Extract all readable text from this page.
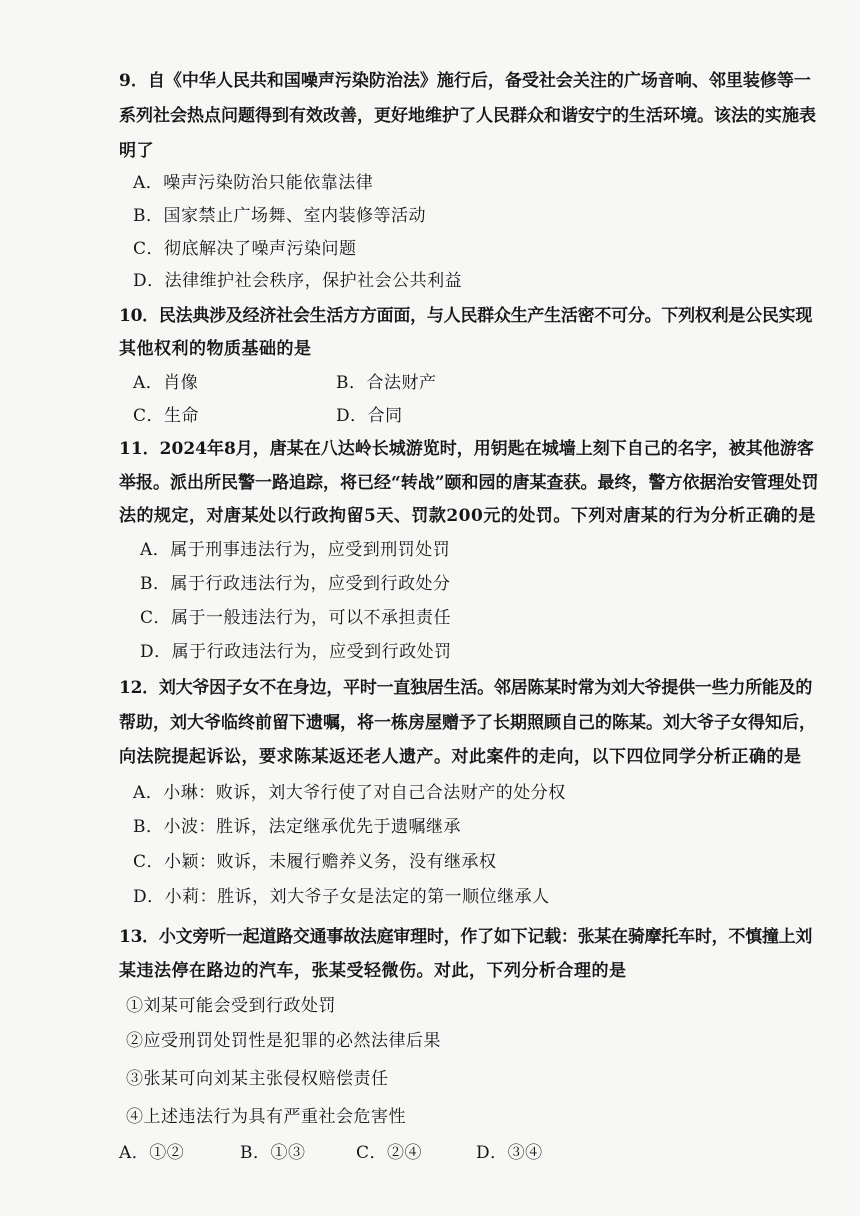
9．自《中华人民共和国噪声污染防治法》施行后，备受社会关注的广场音响、邻里装修等一
系列社会热点问题得到有效改善，更好地维护了人民群众和谐安宁的生活环境。该法的实施表
明了
A．噪声污染防治只能依靠法律
B．国家禁止广场舞、室内装修等活动
C．彻底解决了噪声污染问题
D．法律维护社会秩序，保护社会公共利益
10．民法典涉及经济社会生活方方面面，与人民群众生产生活密不可分。下列权利是公民实现
其他权利的物质基础的是
A．肖像	B．合法财产
C．生命	D．合同
11．2024年8月，唐某在八达岭长城游览时，用钥匙在城墙上刻下自己的名字，被其他游客
举报。派出所民警一路追踪，将已经“转战”颐和园的唐某查获。最终，警方依据治安管理处罚
法的规定，对唐某处以行政拘留5天、罚款200元的处罚。下列对唐某的行为分析正确的是
A．属于刑事违法行为，应受到刑罚处罚
B．属于行政违法行为，应受到行政处分
C．属于一般违法行为，可以不承担责任
D．属于行政违法行为，应受到行政处罚
12．刘大爷因子女不在身边，平时一直独居生活。邻居陈某时常为刘大爷提供一些力所能及的
帮助，刘大爷临终前留下遗嘱，将一栋房屋赠予了长期照顾自己的陈某。刘大爷子女得知后，
向法院提起诉讼，要求陈某返还老人遗产。对此案件的走向，以下四位同学分析正确的是
A．小琳：败诉，刘大爷行使了对自己合法财产的处分权
B．小波：胜诉，法定继承优先于遗嘱继承
C．小颖：败诉，未履行赡养义务，没有继承权
D．小莉：胜诉，刘大爷子女是法定的第一顺位继承人
13．小文旁听一起道路交通事故法庭审理时，作了如下记载：张某在骑摩托车时，不慎撞上刘
某违法停在路边的汽车，张某受轻微伤。对此，下列分析合理的是
①刘某可能会受到行政处罚
②应受刑罚处罚性是犯罪的必然法律后果
③张某可向刘某主张侵权赔偿责任
④上述违法行为具有严重社会危害性
A．①②	B．①③	C．②④	D．③④
